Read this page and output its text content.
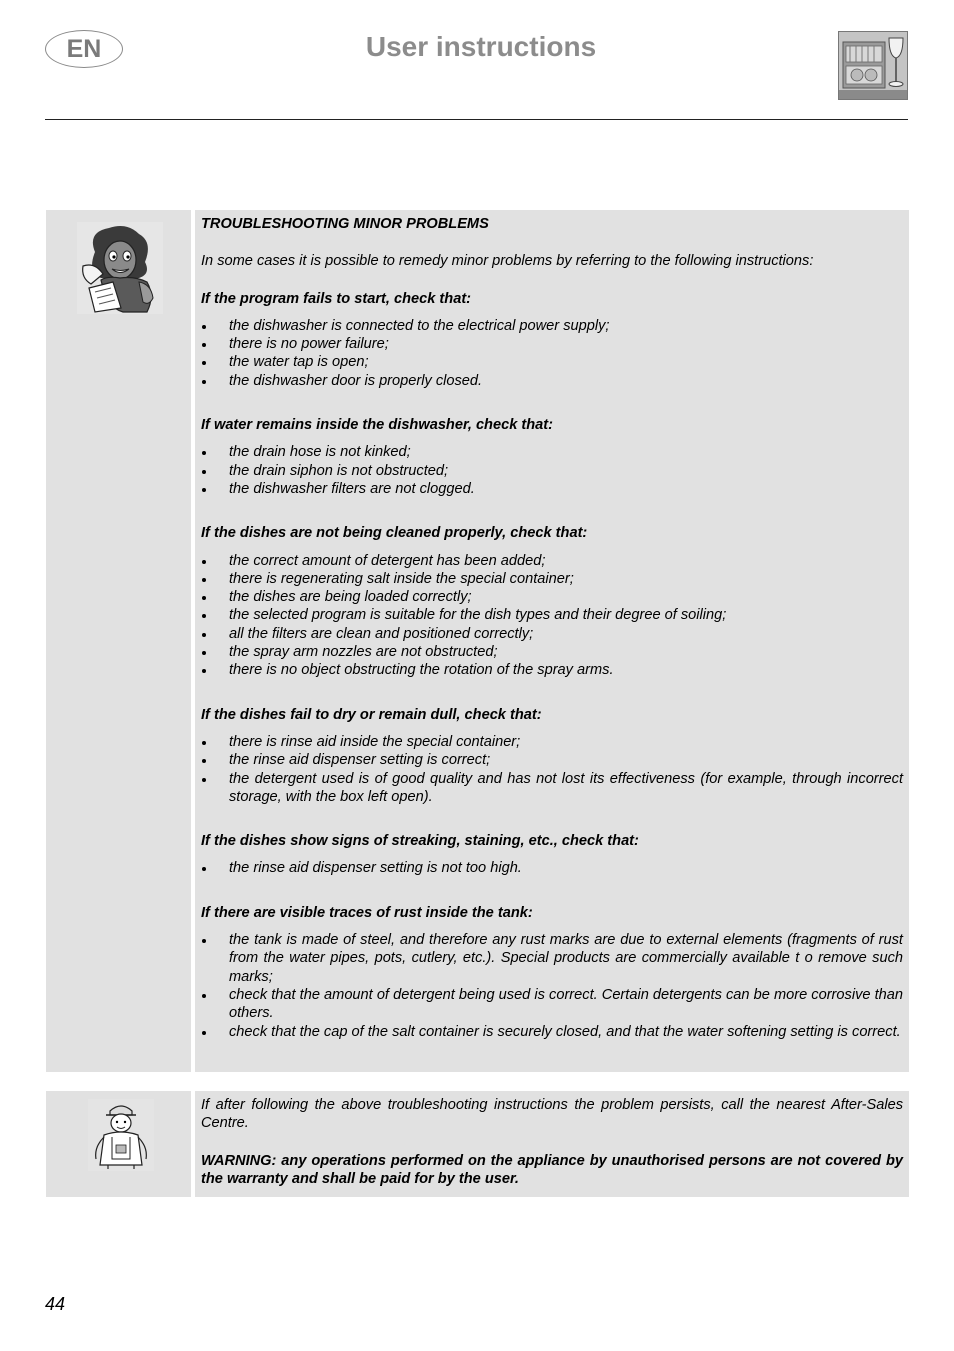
EN	User instructions

TROUBLESHOOTING MINOR PROBLEMS

In some cases it is possible to remedy minor problems by referring to the following instructions:

If the program fails to start, check that:

the dishwasher is connected to the electrical power supply;
there is no power failure;
the water tap is open;
the dishwasher door is properly closed.

If water remains inside the dishwasher, check that:

the drain hose is not kinked;
the drain siphon is not obstructed;
the dishwasher filters are not clogged.

If the dishes are not being cleaned properly, check that:

the correct amount of detergent has been added;
there is regenerating salt inside the special container;
the dishes are being loaded correctly;
the selected program is suitable for the dish types and their degree of soiling;
all the filters are clean and positioned correctly;
the spray arm nozzles are not obstructed;
there is no object obstructing the rotation of the spray arms.

If the dishes fail to dry or remain dull, check that:

there is rinse aid inside the special container;
the rinse aid dispenser setting is correct;
the detergent used is of good quality and has not lost its effectiveness (for example, through incorrect storage, with the box left open).

If the dishes show signs of streaking, staining, etc., check that:

the rinse aid dispenser setting is not too high.

If there are visible traces of rust inside the tank:

the tank is made of steel, and therefore any rust marks are due to external elements (fragments of rust from the water pipes, pots, cutlery, etc.). Special products are commercially available t o remove such marks;
check that the amount of detergent being used is correct. Certain detergents can be more corrosive than others.
check that the cap of the salt container is securely closed, and that the water softening setting is correct.

If after following the above troubleshooting instructions the problem persists, call the nearest After-Sales Centre.

WARNING: any operations performed on the appliance by unauthorised persons are not covered by the warranty and shall be paid for by the user.

44
